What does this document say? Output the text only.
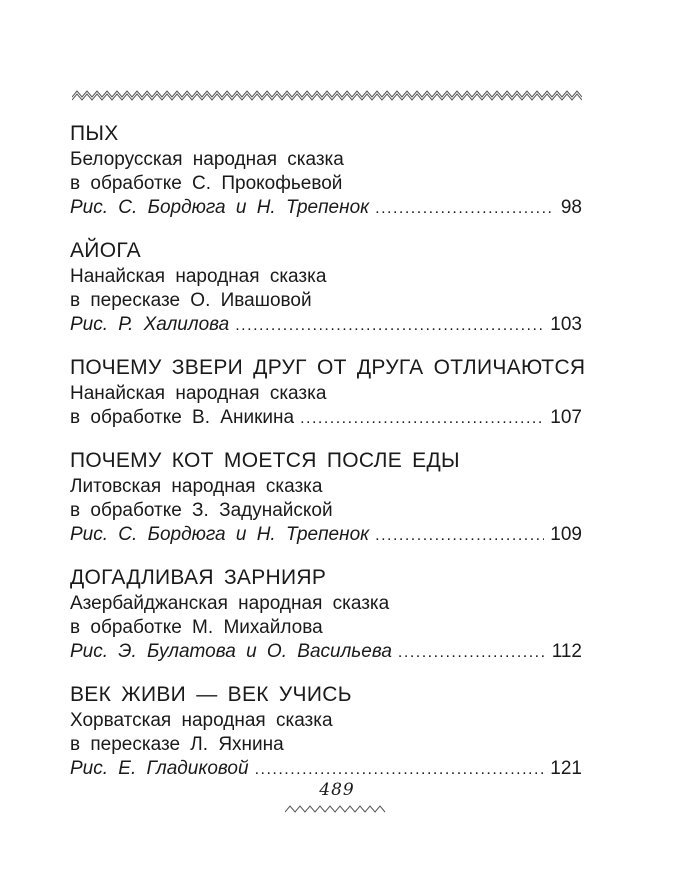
ПЫХ
Белорусская народная сказка
в обработке С. Прокофьевой
Рис. С. Бордюга и Н. Трепенок .....	98
АЙОГА
Нанайская народная сказка
в пересказе О. Ивашовой
Рис. Р. Халилова .....	103
ПОЧЕМУ ЗВЕРИ ДРУГ ОТ ДРУГА ОТЛИЧАЮТСЯ
Нанайская народная сказка
в обработке В. Аникина .....	107
ПОЧЕМУ КОТ МОЕТСЯ ПОСЛЕ ЕДЫ
Литовская народная сказка
в обработке З. Задунайской
Рис. С. Бордюга и Н. Трепенок .....	109
ДОГАДЛИВАЯ ЗАРНИЯР
Азербайджанская народная сказка
в обработке М. Михайлова
Рис. Э. Булатова и О. Васильева .....	112
ВЕК ЖИВИ — ВЕК УЧИСЬ
Хорватская народная сказка
в пересказе Л. Яхнина
Рис. Е. Гладиковой .....	121
489
